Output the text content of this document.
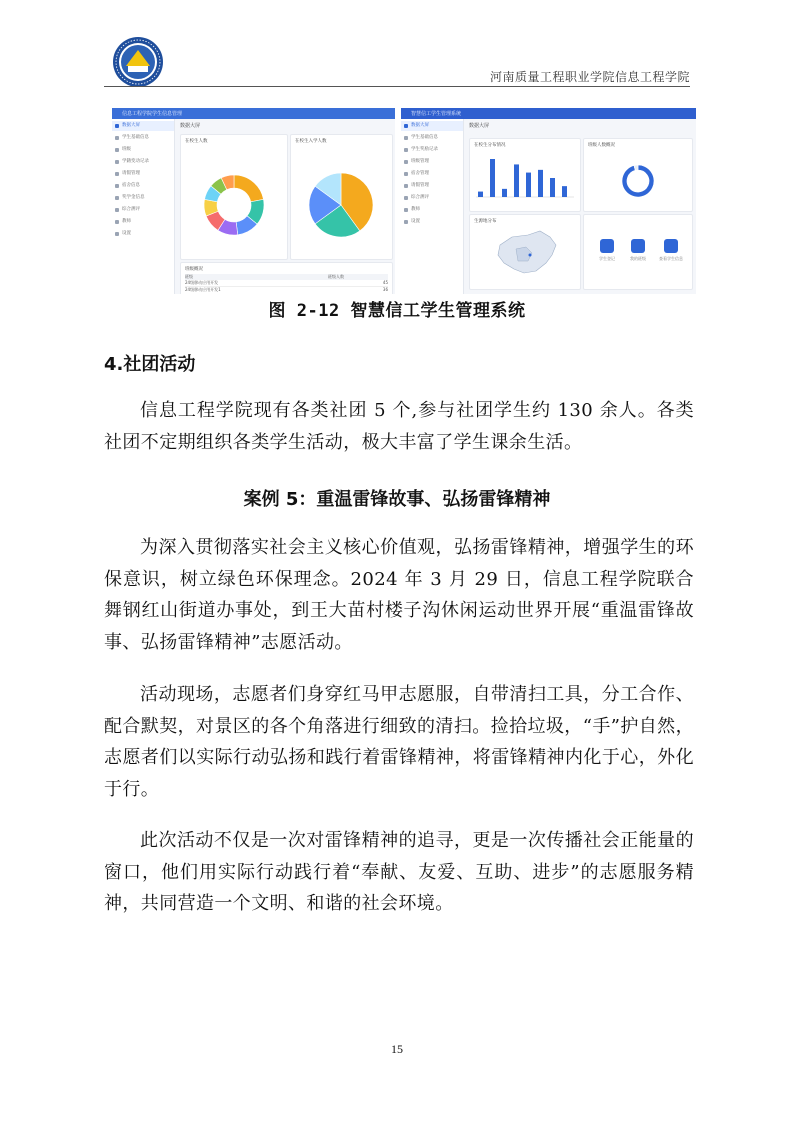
河南质量工程职业学院信息工程学院
信息工程学院学生信息管理
数据大屏
学生基础信息
班级
学籍变动记录
请假管理
宿舍信息
奖学金信息
综合测评
教师
设置
数据大屏
在校生人数	在校生入学人数
班级概况
班级	班级人数
24级移动应用开发	45
24级移动应用开发1	36
智慧信工学生管理系统
数据大屏
学生基础信息
学生奖励记录
班级管理
宿舍管理
请假管理
综合测评
教师
设置
数据大屏
在校生分布情况	班级人数概况
生源地分布
学生登记	我的班级	查看学生信息
图 2-12 智慧信工学生管理系统
4.社团活动

信息工程学院现有各类社团 5 个,参与社团学生约 130 余人。各类社团不定期组织各类学生活动，极大丰富了学生课余生活。

案例 5：重温雷锋故事、弘扬雷锋精神

为深入贯彻落实社会主义核心价值观，弘扬雷锋精神，增强学生的环保意识，树立绿色环保理念。2024 年 3 月 29 日，信息工程学院联合舞钢红山街道办事处，到王大苗村楼子沟休闲运动世界开展“重温雷锋故事、弘扬雷锋精神”志愿活动。

活动现场，志愿者们身穿红马甲志愿服，自带清扫工具，分工合作、配合默契，对景区的各个角落进行细致的清扫。捡拾垃圾，“手”护自然，志愿者们以实际行动弘扬和践行着雷锋精神，将雷锋精神内化于心，外化于行。

此次活动不仅是一次对雷锋精神的追寻，更是一次传播社会正能量的窗口，他们用实际行动践行着“奉献、友爱、互助、进步”的志愿服务精神，共同营造一个文明、和谐的社会环境。

15
